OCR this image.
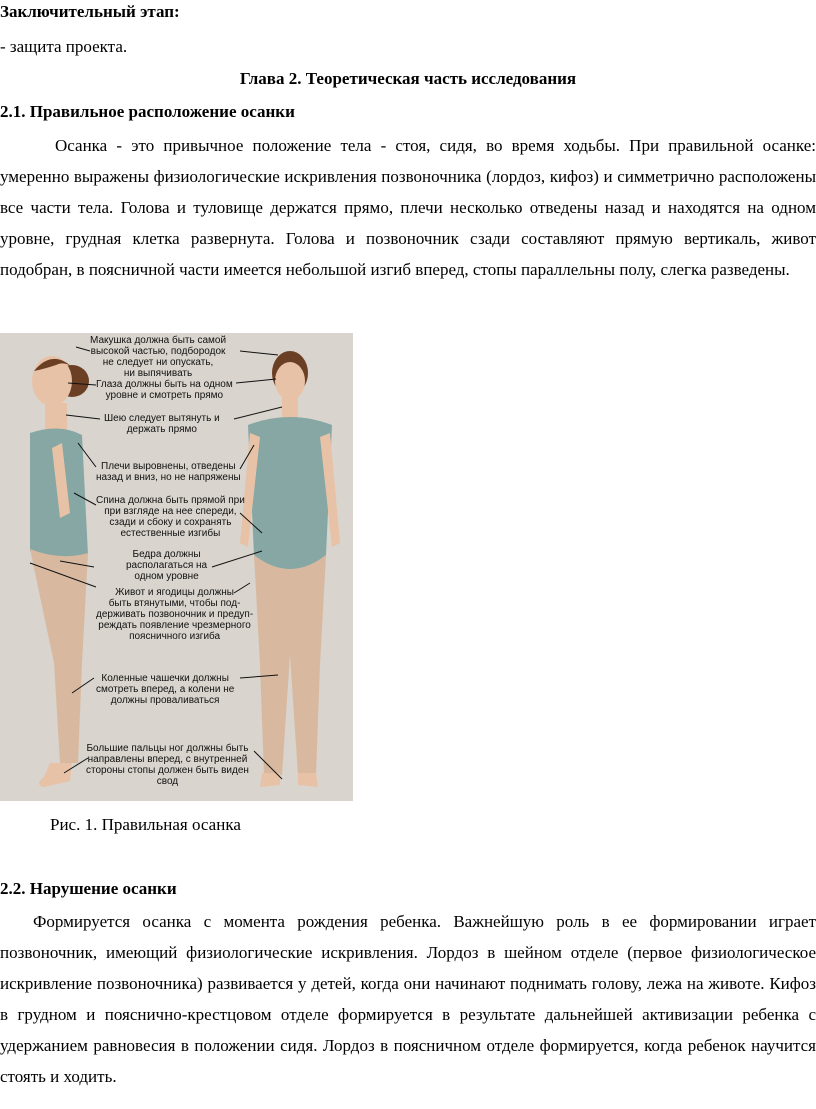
Заключительный этап:
- защита проекта.
Глава 2. Теоретическая часть исследования
2.1. Правильное расположение осанки

Осанка - это привычное положение тела - стоя, сидя, во время ходьбы. При правильной осанке: умеренно выражены физиологические искривления позвоночника (лордоз, кифоз) и симметрично расположены все части тела. Голова и туловище держатся прямо, плечи несколько отведены назад и находятся на одном уровне, грудная клетка развернута. Голова и позвоночник сзади составляют прямую вертикаль, живот подобран, в поясничной части имеется небольшой изгиб вперед, стопы параллельны полу, слегка разведены.

Макушка должна быть самой
высокой частью, подбородок
не следует ни опускать,
ни выпячивать
Глаза должны быть на одном
уровне и смотреть прямо
Шею следует вытянуть и
держать прямо
Плечи выровнены, отведены
назад и вниз, но не напряжены
Спина должна быть прямой при
при взгляде на нее спереди,
сзади и сбоку и сохранять
естественные изгибы
Бедра должны
располагаться на
одном уровне
Живот и ягодицы должны
быть втянутыми, чтобы под-
держивать позвоночник и предуп-
реждать появление чрезмерного
поясничного изгиба
Коленные чашечки должны
смотреть вперед, а колени не
должны проваливаться
Большие пальцы ног должны быть
направлены вперед, с внутренней
стороны стопы должен быть виден
свод
Рис. 1. Правильная осанка
2.2. Нарушение осанки

Формируется осанка с момента рождения ребенка. Важнейшую роль в ее формировании играет позвоночник, имеющий физиологические искривления. Лордоз в шейном отделе (первое физиологическое искривление позвоночника) развивается у детей, когда они начинают поднимать голову, лежа на животе. Кифоз в грудном и пояснично-крестцовом отделе формируется в результате дальнейшей активизации ребенка с удержанием равновесия в положении сидя. Лордоз в поясничном отделе формируется, когда ребенок научится стоять и ходить.
